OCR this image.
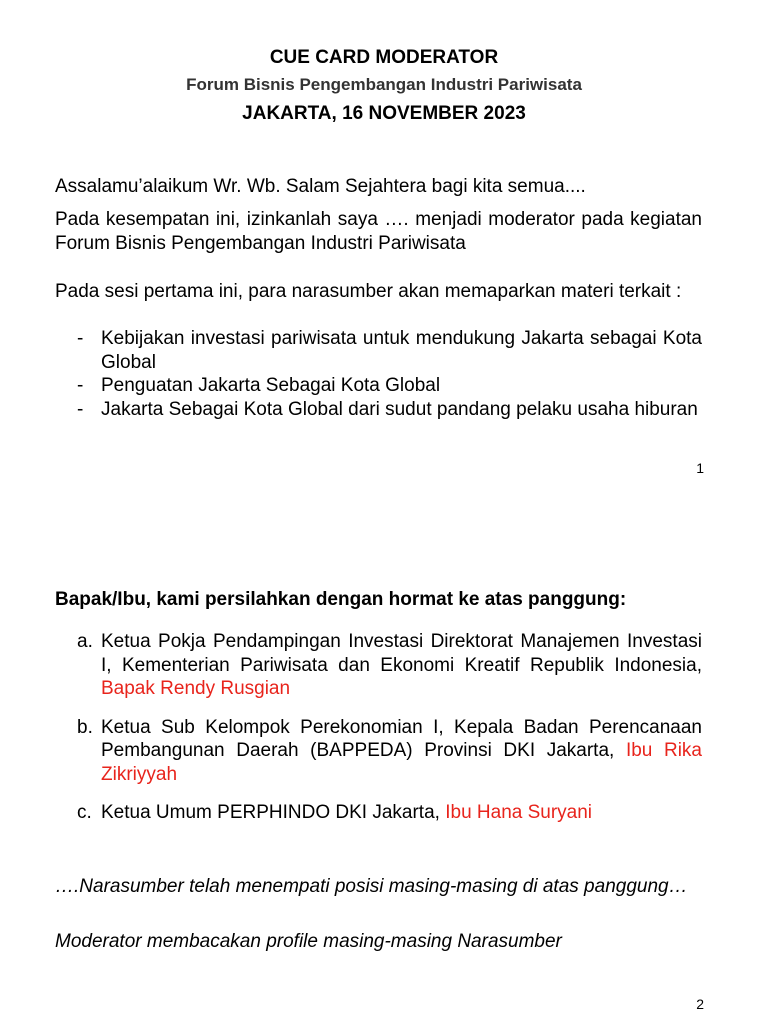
CUE CARD MODERATOR
Forum Bisnis Pengembangan Industri Pariwisata
JAKARTA, 16 NOVEMBER 2023
Assalamu’alaikum Wr. Wb. Salam Sejahtera bagi kita semua....
Pada kesempatan ini, izinkanlah saya …. menjadi moderator pada kegiatan Forum Bisnis Pengembangan Industri Pariwisata
Pada sesi pertama ini, para narasumber akan memaparkan materi terkait :
- Kebijakan investasi pariwisata untuk mendukung Jakarta sebagai Kota Global
- Penguatan Jakarta Sebagai Kota Global
- Jakarta Sebagai Kota Global dari sudut pandang pelaku usaha hiburan
1
Bapak/Ibu, kami persilahkan dengan hormat ke atas panggung:
a. Ketua Pokja Pendampingan Investasi Direktorat Manajemen Investasi I, Kementerian Pariwisata dan Ekonomi Kreatif Republik Indonesia, Bapak Rendy Rusgian
b. Ketua Sub Kelompok Perekonomian I, Kepala Badan Perencanaan Pembangunan Daerah (BAPPEDA) Provinsi DKI Jakarta, Ibu Rika Zikriyyah
c. Ketua Umum PERPHINDO DKI Jakarta, Ibu Hana Suryani
….Narasumber telah menempati posisi masing-masing di atas panggung…
Moderator membacakan profile masing-masing Narasumber
2
